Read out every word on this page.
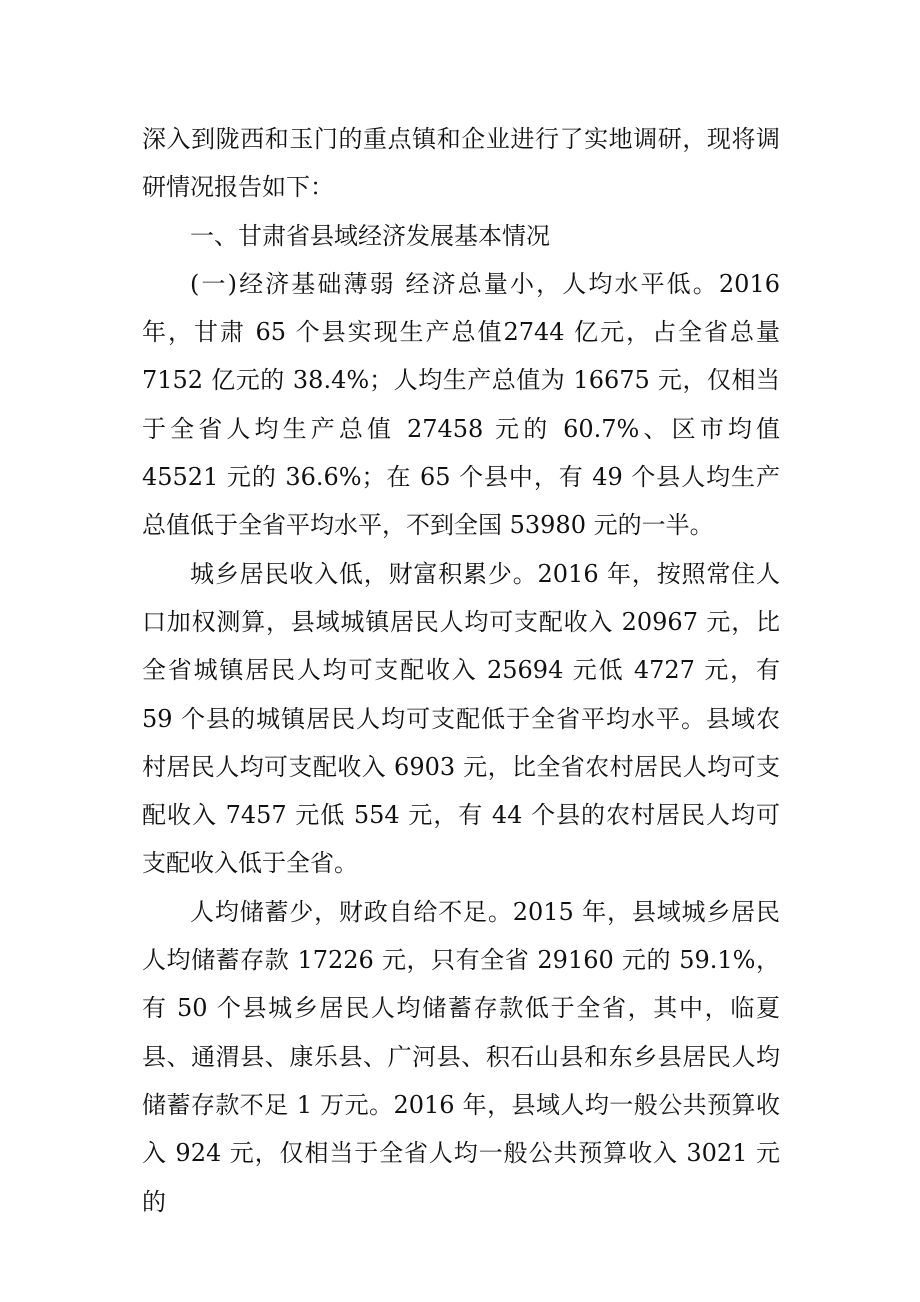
深入到陇西和玉门的重点镇和企业进行了实地调研，现将调研情况报告如下：

一、甘肃省县域经济发展基本情况

(一)经济基础薄弱 经济总量小，人均水平低。2016 年，甘肃 65 个县实现生产总值2744 亿元，占全省总量 7152 亿元的 38.4%；人均生产总值为 16675 元，仅相当于全省人均生产总值 27458 元的 60.7%、区市均值 45521 元的 36.6%；在 65 个县中，有 49 个县人均生产总值低于全省平均水平，不到全国 53980 元的一半。

城乡居民收入低，财富积累少。2016 年，按照常住人口加权测算，县域城镇居民人均可支配收入 20967 元，比全省城镇居民人均可支配收入 25694 元低 4727 元，有 59 个县的城镇居民人均可支配低于全省平均水平。县域农村居民人均可支配收入 6903 元，比全省农村居民人均可支配收入 7457 元低 554 元，有 44 个县的农村居民人均可支配收入低于全省。

人均储蓄少，财政自给不足。2015 年，县域城乡居民人均储蓄存款 17226 元，只有全省 29160 元的 59.1%，有 50 个县城乡居民人均储蓄存款低于全省，其中，临夏县、通渭县、康乐县、广河县、积石山县和东乡县居民人均储蓄存款不足 1 万元。2016 年，县域人均一般公共预算收入 924 元，仅相当于全省人均一般公共预算收入 3021 元的
